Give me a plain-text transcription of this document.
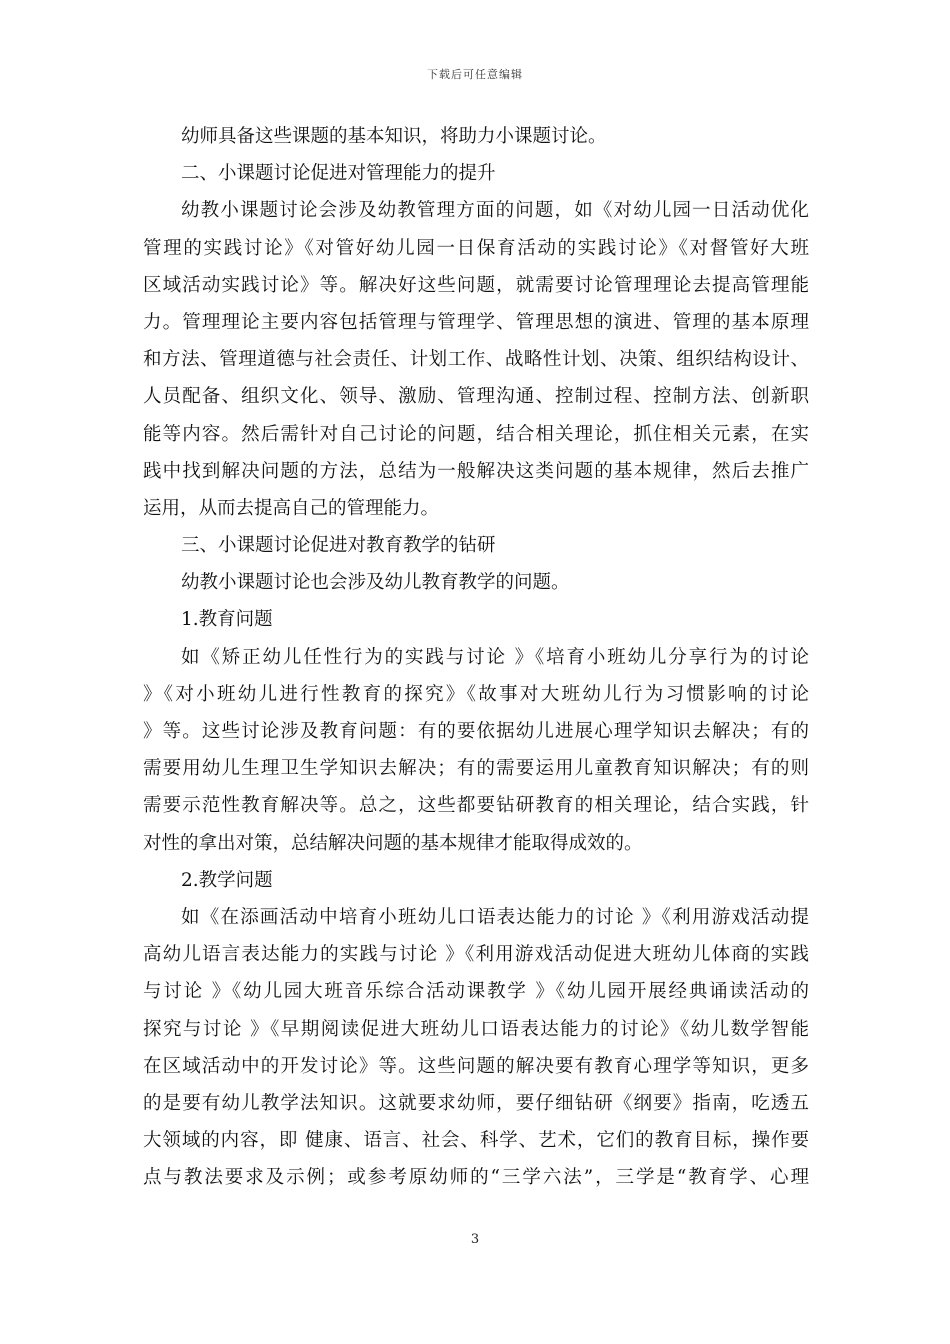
下载后可任意编辑
幼师具备这些课题的基本知识，将助力小课题讨论。
二、小课题讨论促进对管理能力的提升
幼教小课题讨论会涉及幼教管理方面的问题，如《对幼儿园一日活动优化
管理的实践讨论》《对管好幼儿园一日保育活动的实践讨论》《对督管好大班
区域活动实践讨论》等。解决好这些问题，就需要讨论管理理论去提高管理能
力。管理理论主要内容包括管理与管理学、管理思想的演进、管理的基本原理
和方法、管理道德与社会责任、计划工作、战略性计划、决策、组织结构设计、
人员配备、组织文化、领导、激励、管理沟通、控制过程、控制方法、创新职
能等内容。然后需针对自己讨论的问题，结合相关理论，抓住相关元素，在实
践中找到解决问题的方法，总结为一般解决这类问题的基本规律，然后去推广
运用，从而去提高自己的管理能力。
三、小课题讨论促进对教育教学的钻研
幼教小课题讨论也会涉及幼儿教育教学的问题。
1.教育问题
如《矫正幼儿任性行为的实践与讨论 》《培育小班幼儿分享行为的讨论
》《对小班幼儿进行性教育的探究》《故事对大班幼儿行为习惯影响的讨论
》等。这些讨论涉及教育问题：有的要依据幼儿进展心理学知识去解决；有的
需要用幼儿生理卫生学知识去解决；有的需要运用儿童教育知识解决；有的则
需要示范性教育解决等。总之，这些都要钻研教育的相关理论，结合实践，针
对性的拿出对策，总结解决问题的基本规律才能取得成效的。
2.教学问题
如《在添画活动中培育小班幼儿口语表达能力的讨论 》《利用游戏活动提
高幼儿语言表达能力的实践与讨论 》《利用游戏活动促进大班幼儿体商的实践
与讨论 》《幼儿园大班音乐综合活动课教学 》《幼儿园开展经典诵读活动的
探究与讨论 》《早期阅读促进大班幼儿口语表达能力的讨论》《幼儿数学智能
在区域活动中的开发讨论》等。这些问题的解决要有教育心理学等知识，更多
的是要有幼儿教学法知识。这就要求幼师，要仔细钻研《纲要》指南，吃透五
大领域的内容，即 健康、语言、社会、科学、艺术，它们的教育目标，操作要
点与教法要求及示例；或参考原幼师的“三学六法”，三学是“教育学、心理
3
